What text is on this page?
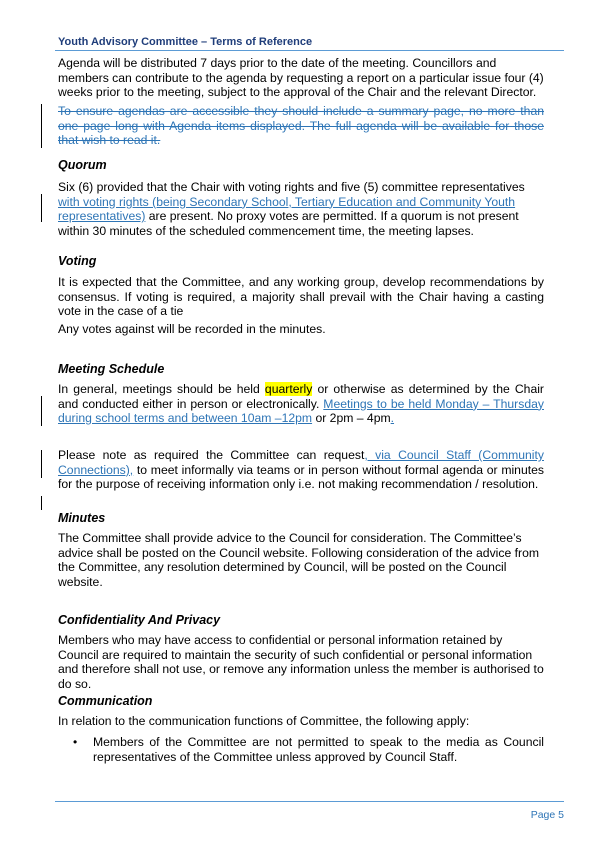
Youth Advisory Committee – Terms of Reference

Agenda will be distributed 7 days prior to the date of the meeting. Councillors and members can contribute to the agenda by requesting a report on a particular issue four (4) weeks prior to the meeting, subject to the approval of the Chair and the relevant Director.

To ensure agendas are accessible they should include a summary page, no more than one page long with Agenda items displayed. The full agenda will be available for those that wish to read it.

Quorum

Six (6) provided that the Chair with voting rights and five (5) committee representatives with voting rights (being Secondary School, Tertiary Education and Community Youth representatives) are present. No proxy votes are permitted. If a quorum is not present within 30 minutes of the scheduled commencement time, the meeting lapses.

Voting

It is expected that the Committee, and any working group, develop recommendations by consensus. If voting is required, a majority shall prevail with the Chair having a casting vote in the case of a tie

Any votes against will be recorded in the minutes.

Meeting Schedule

In general, meetings should be held quarterly or otherwise as determined by the Chair and conducted either in person or electronically. Meetings to be held Monday – Thursday during school terms and between 10am –12pm or 2pm – 4pm.

Please note as required the Committee can request, via Council Staff (Community Connections), to meet informally via teams or in person without formal agenda or minutes for the purpose of receiving information only i.e. not making recommendation / resolution.

Minutes

The Committee shall provide advice to the Council for consideration. The Committee’s advice shall be posted on the Council website. Following consideration of the advice from the Committee, any resolution determined by Council, will be posted on the Council website.

Confidentiality And Privacy

Members who may have access to confidential or personal information retained by Council are required to maintain the security of such confidential or personal information and therefore shall not use, or remove any information unless the member is authorised to do so.

Communication

In relation to the communication functions of Committee, the following apply:

• Members of the Committee are not permitted to speak to the media as Council representatives of the Committee unless approved by Council Staff.

Page 5
